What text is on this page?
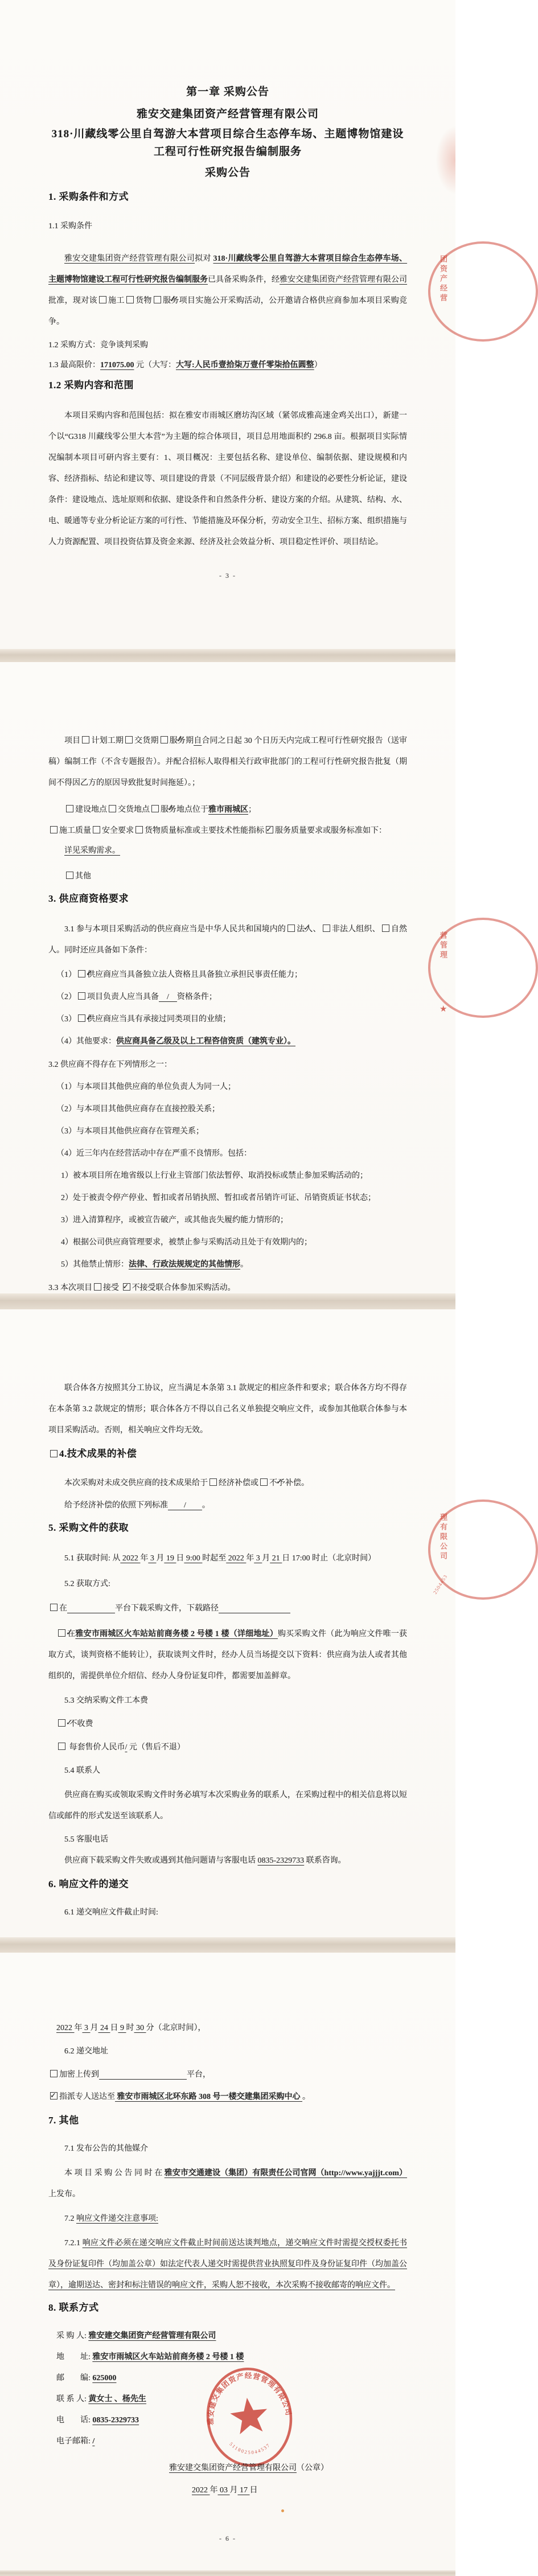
第一章 采购公告
雅安交建集团资产经营管理有限公司
318·川藏线零公里自驾游大本营项目综合生态停车场、主题博物馆建设工程可行性研究报告编制服务
采购公告
1. 采购条件和方式
1.1 采购条件
雅安交建集团资产经营管理有限公司拟对 318·川藏线零公里自驾游大本营项目综合生态停车场、主题博物馆建设工程可行性研究报告编制服务已具备采购条件，经雅安交建集团资产经营管理有限公司批准，现对该 施工 货物 ✓ 服务项目实施公开采购活动，公开邀请合格供应商参加本项目采购竞争。
1.2 采购方式：竞争谈判采购
1.3 最高限价：171075.00 元（大写：大写:人民币壹拾柒万壹仟零柒拾伍圆整）
1.2 采购内容和范围
本项目采购内容和范围包括：拟在雅安市雨城区磨坊沟区域（紧邻成雅高速金鸡关出口），新建一个以“G318 川藏线零公里大本营”为主题的综合体项目，项目总用地面积约 296.8 亩。根据项目实际情况编制本项目可研内容主要有：1、项目概况：主要包括名称、建设单位、编制依据、建设规模和内容、经济指标、结论和建议等、项目建设的背景（不同层级背景介绍）和建设的必要性分析论证，建设条件：建设地点、选址原则和依据、建设条件和自然条件分析、建设方案的介绍。从建筑、结构、水、电、暖通等专业分析论证方案的可行性、节能措施及环保分析，劳动安全卫生、招标方案、组织措施与人力资源配置、项目投资估算及资金来源、经济及社会效益分析、项目稳定性评价、项目结论。
- 3 -
项目 计划工期 交货期 ✓ 服务期自合同之日起 30 个日历天内完成工程可行性研究报告（送审稿）编制工作（不含专题报告）。并配合招标人取得相关行政审批部门的工程可行性研究报告批复（期间不得因乙方的原因导致批复时间拖延）。；
建设地点 交货地点 ✓ 服务地点位于雅市雨城区；
施工质量 安全要求 货物质量标准或主要技术性能指标 ✓ 服务质量要求或服务标准如下：
详见采购需求。
其他
3. 供应商资格要求
3.1 参与本项目采购活动的供应商应当是中华人民共和国境内的 ✓ 法人、 非法人组织、 自然人。同时还应具备如下条件：
（1） ✓ 供应商应当具备独立法人资格且具备独立承担民事责任能力；
（2） 项目负责人应当具备　/　资格条件；
（3） ✓ 供应商应当具有承接过同类项目的业绩；
（4）其他要求：供应商具备乙级及以上工程咨信资质（建筑专业）。
3.2 供应商不得存在下列情形之一：
（1）与本项目其他供应商的单位负责人为同一人；
（2）与本项目其他供应商存在直接控股关系；
（3）与本项目其他供应商存在管理关系；
（4）近三年内在经营活动中存在严重不良情形。包括：
1）被本项目所在地省级以上行业主管部门依法暂停、取消投标或禁止参加采购活动的；
2）处于被责令停产停业、暂扣或者吊销执照、暂扣或者吊销许可证、吊销资质证书状态；
3）进入清算程序，或被宣告破产，或其他丧失履约能力情形的；
4）根据公司供应商管理要求，被禁止参与采购活动且处于有效期内的；
5）其他禁止情形：法律、行政法规规定的其他情形。
3.3 本次项目 接受 ✓不接受联合体参加采购活动。
联合体各方按照其分工协议，应当满足本条第 3.1 款规定的相应条件和要求；联合体各方均不得存在本条第 3.2 款规定的情形；联合体各方不得以自己名义单独提交响应文件，或参加其他联合体参与本项目采购活动。否则，相关响应文件均无效。
4.技术成果的补偿
本次采购对未成交供应商的技术成果给于 经济补偿或 ✓ 不予补偿。
给予经济补偿的依照下列标准　　/　　。
5. 采购文件的获取
5.1 获取时间: 从 2022 年 3 月 19 日 9:00 时起至 2022 年 3 月 21 日 17:00 时止（北京时间）
5.2 获取方式:
在　　　　　　	平台下载采购文件，下载路径　　　　　　　　　
✓在雅安市雨城区火车站站前商务楼 2 号楼 1 楼（详细地址）购买采购文件（此为响应文件唯一获取方式，谈判资格不能转让），获取谈判文件时，经办人员当场提交以下资料：供应商为法人或者其他组织的，需提供单位介绍信、经办人身份证复印件，都需要加盖鲜章。
5.3 交纳采购文件工本费
✓ 不收费
每套售价人民币/ 元（售后不退）
5.4 联系人
供应商在购买或领取采购文件时务必填写本次采购业务的联系人，在采购过程中的相关信息将以短信或邮件的形式发送至该联系人。
5.5 客服电话
供应商下载采购文件失败或遇到其他问题请与客服电话 0835-2329733 联系咨询。
6. 响应文件的递交
6.1 递交响应文件截止时间:
2022 年 3 月 24 日 9 时 30 分（北京时间），
6.2 递交地址
加密上传到　　　　　　　　　　　	平台，
✓指派专人送达至 雅安市雨城区北环东路 308 号一楼交建集团采购中心 。
7. 其他
7.1 发布公告的其他媒介
本 项 目 采 购 公 告 同 时 在 雅安市交通建设（集团）有限责任公司官网（http://www.yajjjt.com）上发布。
7.2 响应文件递交注意事项:
7.2.1 响应文件必须在递交响应文件截止时间前送达谈判地点，递交响应文件时需提交授权委托书及身份证复印件（均加盖公章）如法定代表人递交时需提供营业执照复印件及身份证复印件（均加盖公章），逾期送达、密封和标注错误的响应文件，采购人恕不接收，本次采购不接收邮寄的响应文件。
8. 联系方式
采 购 人: 雅安建交集团资产经营管理有限公司
地　　址: 雅安市雨城区火车站站前商务楼 2 号楼 1 楼
邮　　编: 625000
联 系 人: 黄女士 、杨先生
电　　话: 0835-2329733
电子邮箱: /
雅安建交集团资产经营管理有限公司（公章）
2022 年 03 月 17 日
- 6 -
雅安建交集团资产经营管理有限公司
5118025044537
团资产经营
营管理
★
理有限公司
2504453
